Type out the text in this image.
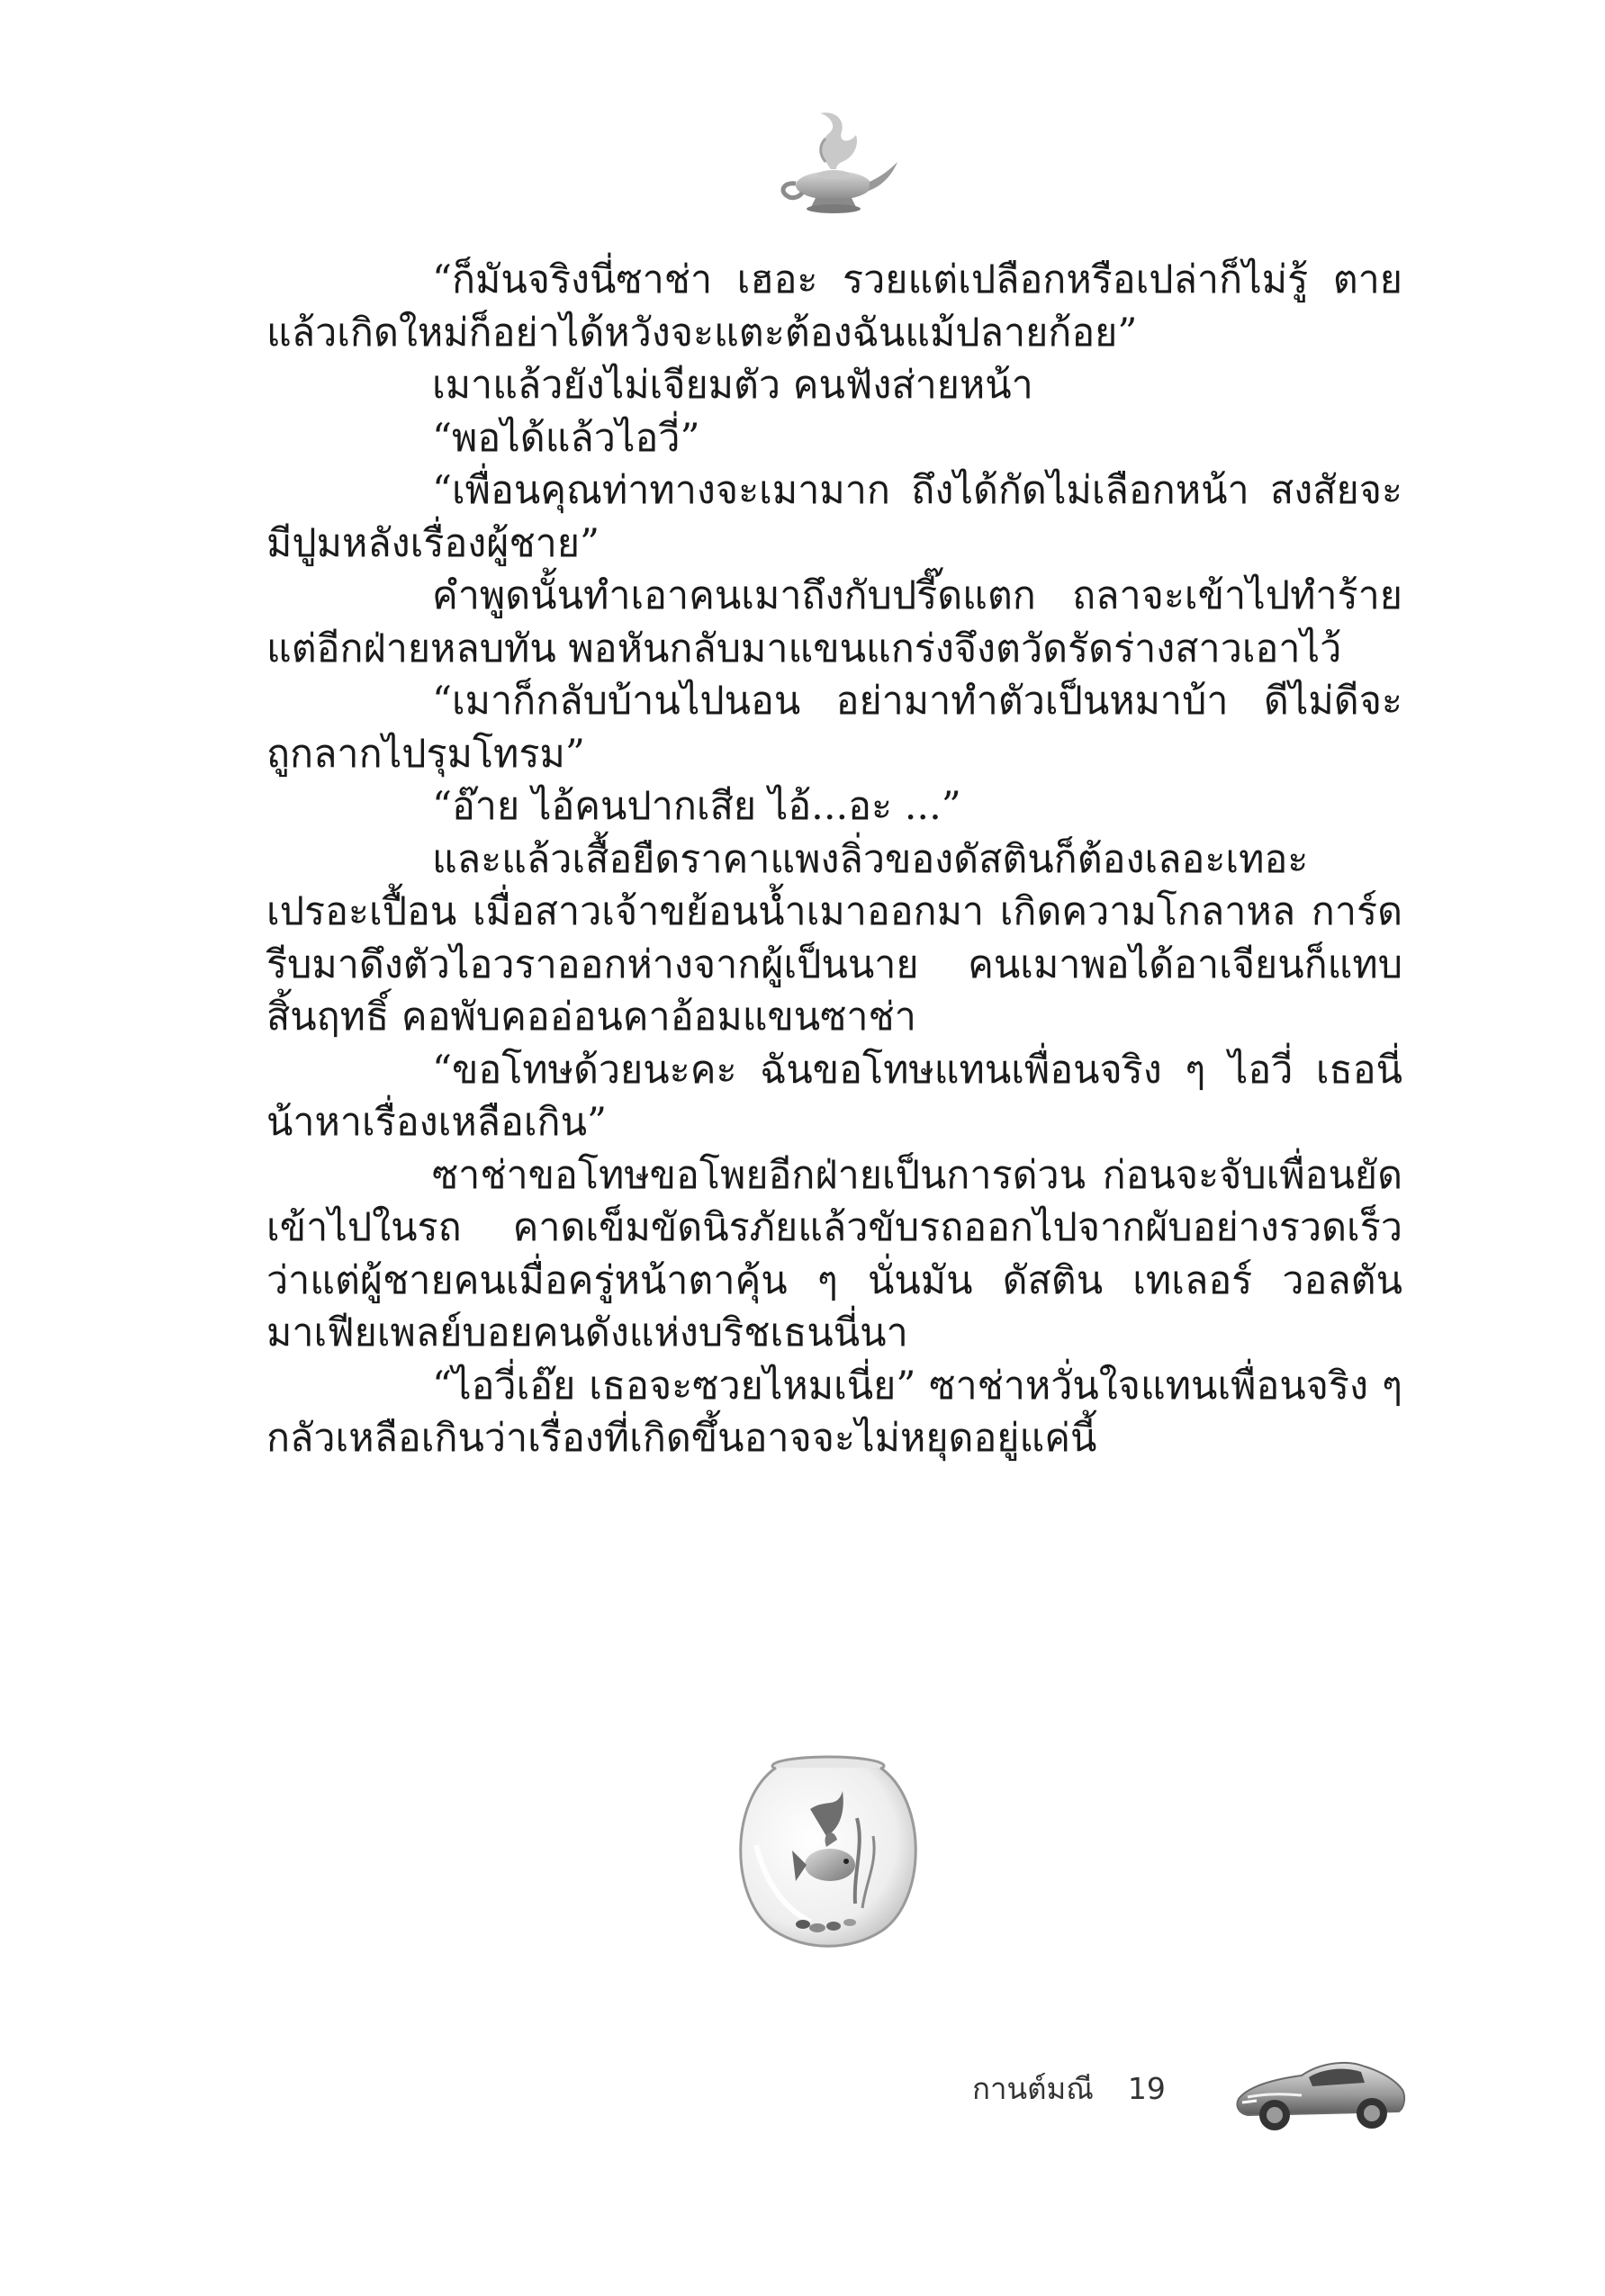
“ก็มันจริงนี่ซาช่า เฮอะ รวยแต่เปลือกหรือเปล่าก็ไม่รู้ ตายแล้วเกิดใหม่ก็อย่าได้หวังจะแตะต้องฉันแม้ปลายก้อย”

เมาแล้วยังไม่เจียมตัว คนฟังส่ายหน้า

“พอได้แล้วไอวี่”

“เพื่อนคุณท่าทางจะเมามาก ถึงได้กัดไม่เลือกหน้า สงสัยจะมีปูมหลังเรื่องผู้ชาย”

คำพูดนั้นทำเอาคนเมาถึงกับปรี๊ดแตก ถลาจะเข้าไปทำร้าย แต่อีกฝ่ายหลบทัน พอหันกลับมาแขนแกร่งจึงตวัดรัดร่างสาวเอาไว้

“เมาก็กลับบ้านไปนอน อย่ามาทำตัวเป็นหมาบ้า ดีไม่ดีจะถูกลากไปรุมโทรม”

“อ๊าย ไอ้คนปากเสีย ไอ้...อะ ...”

และแล้วเสื้อยืดราคาแพงลิ่วของดัสตินก็ต้องเลอะเทอะเปรอะเปื้อน เมื่อสาวเจ้าขย้อนน้ำเมาออกมา เกิดความโกลาหล การ์ดรีบมาดึงตัวไอวราออกห่างจากผู้เป็นนาย คนเมาพอได้อาเจียนก็แทบสิ้นฤทธิ์ คอพับคออ่อนคาอ้อมแขนซาช่า

“ขอโทษด้วยนะคะ ฉันขอโทษแทนเพื่อนจริง ๆ ไอวี่ เธอนี่น้าหาเรื่องเหลือเกิน”

ซาช่าขอโทษขอโพยอีกฝ่ายเป็นการด่วน ก่อนจะจับเพื่อนยัดเข้าไปในรถ คาดเข็มขัดนิรภัยแล้วขับรถออกไปจากผับอย่างรวดเร็ว ว่าแต่ผู้ชายคนเมื่อครู่หน้าตาคุ้น ๆ นั่นมัน ดัสติน เทเลอร์ วอลตัน มาเฟียเพลย์บอยคนดังแห่งบริชเธนนี่นา

“ไอวี่เอ๊ย เธอจะซวยไหมเนี่ย” ซาช่าหวั่นใจแทนเพื่อนจริง ๆ กลัวเหลือเกินว่าเรื่องที่เกิดขึ้นอาจจะไม่หยุดอยู่แค่นี้

กานต์มณี 19
